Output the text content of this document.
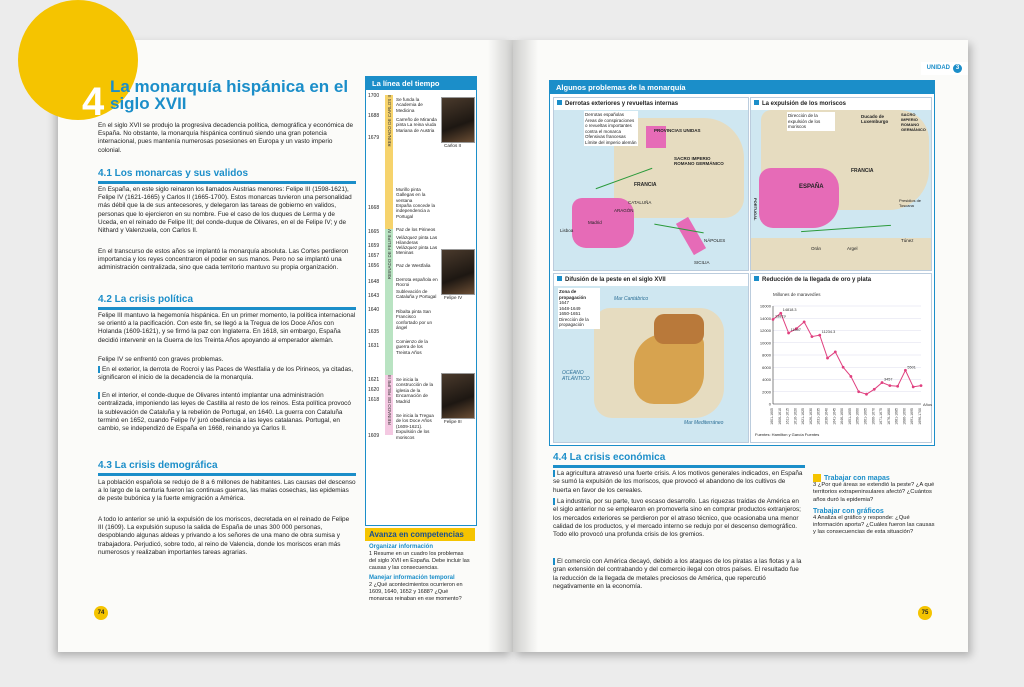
4 La monarquía hispánica en el siglo XVII
En el siglo XVII se produjo la progresiva decadencia política, demográfica y económica de España. No obstante, la monarquía hispánica continuó siendo una gran potencia internacional, pues mantenía numerosas posesiones en Europa y un vasto imperio colonial.
4.1 Los monarcas y sus validos
En España, en este siglo reinaron los llamados Austrias menores: Felipe III (1598-1621), Felipe IV (1621-1665) y Carlos II (1665-1700). Estos monarcas tuvieron una personalidad más débil que la de sus antecesores, y delegaron las tareas de gobierno en validos, personas que lo ejercieron en su nombre. Fue el caso de los duques de Lerma y de Uceda, en el reinado de Felipe III; del conde-duque de Olivares, en el de Felipe IV; y de Nithard y Valenzuela, con Carlos II.
En el transcurso de estos años se implantó la monarquía absoluta. Las Cortes perdieron importancia y los reyes concentraron el poder en sus manos. Pero no se implantó una administración centralizada, sino que cada territorio mantuvo su propia organización.
4.2 La crisis política
Felipe III mantuvo la hegemonía hispánica. En un primer momento, la política internacional se orientó a la pacificación. Con este fin, se llegó a la Tregua de los Doce Años con Holanda (1609-1621), y se firmó la paz con Inglaterra. En 1618, sin embargo, España decidió intervenir en la Guerra de los Treinta Años apoyando al emperador alemán.
Felipe IV se enfrentó con graves problemas.
En el exterior, la derrota de Rocroi y las Paces de Westfalia y de los Pirineos, ya citadas, significaron el inicio de la decadencia de la monarquía.
En el interior, el conde-duque de Olivares intentó implantar una administración centralizada, imponiendo las leyes de Castilla al resto de los reinos. Esta política provocó la sublevación de Cataluña y la rebelión de Portugal, en 1640. La guerra con Cataluña terminó en 1652, cuando Felipe IV juró obediencia a las leyes catalanas. Portugal, en cambio, se independizó de España en 1668, reinando ya Carlos II.
4.3 La crisis demográfica
La población española se redujo de 8 a 6 millones de habitantes. Las causas del descenso a lo largo de la centuria fueron las continuas guerras, las malas cosechas, las epidemias de peste bubónica y la fuerte emigración a América.
A todo lo anterior se unió la expulsión de los moriscos, decretada en el reinado de Felipe III (1609). La expulsión supuso la salida de España de unas 300 000 personas, despoblando algunas aldeas y privando a los señores de una mano de obra sumisa y trabajadora. Perjudicó, sobre todo, al reino de Valencia, donde los moriscos eran más numerosos y realizaban importantes tareas agrarias.
74
La línea del tiempo
1700
1688
1679
1668
1665
1659
1657
1656
1648
1643
1640
1635
1631
1621
1620
1618
1609
REINADO DE CARLOS II
REINADO DE FELIPE IV
REINADO DE FELIPE III
Se funda la Academia de Medicina
Carreño de Miranda pinta La reina viuda Mariana de Austria
Murillo pinta Gallegas en la ventana
España concede la independencia a Portugal
Paz de los Pirineos
Velázquez pinta Las Hilanderas
Velázquez pinta Las Meninas
Paz de Westfalia
Derrota española en Rocroi
Sublevación de Cataluña y Portugal
Ribalta pinta San Francisco confortado por un ángel
Comienzo de la guerra de los Treinta Años
Se inicia la construcción de la iglesia de la Encarnación de Madrid
Se inicia la Tregua de los Doce Años (1609-1621). Expulsión de los moriscos
Carlos II
Felipe IV
Felipe III
Avanza en competencias
Organizar información
1 Resume en un cuadro los problemas del siglo XVII en España. Debe incluir las causas y las consecuencias.
Manejar información temporal
2 ¿Qué acontecimientos ocurrieron en 1609, 1640, 1652 y 1688? ¿Qué monarcas reinaban en ese momento?
UNIDAD 3
Algunos problemas de la monarquía
Derrotas españolas
Áreas de conspiraciones o revueltas importantes contra el monarca
Ofensivas francesas
Límite del imperio alemán
PROVINCIAS UNIDAS
SACRO IMPERIO ROMANO GERMÁNICO
FRANCIA
NÁPOLES
SICILIA
Madrid
Lisboa
ARAGÓN
CATALUÑA
Derrotas exteriores y revueltas internas
Dirección de la expulsión de los moriscos
FRANCIA
ESPAÑA
PORTUGAL
Ducado de Luxemburgo
SACRO IMPERIO ROMANO GERMÁNICO
Presidios de Toscana
Orán	Argel
Túnez
La expulsión de los moriscos
Zona de propagación
1647
1648-1649
1650-1651
Dirección de la propagación
OCÉANO ATLÁNTICO
Mar Mediterráneo
Mar Cantábrico
Difusión de la peste en el siglo XVII	Reducción de la llegada de oro y plata
Millones de maravedíes
0
2000
4000
6000
8000
10000
12000
14000
16000
1601-1605 1606-1610 1611-1615 1616-1620 1621-1625 1626-1630 1631-1635 1636-1640 1641-1645 1646-1650 1651-1655 1656-1660 1661-1665 1666-1670 1671-1675 1676-1680 1681-1685 1686-1690 1691-1695 1696-1700
Años
13819
14818.3
11597
11234.3
5501
3457
Fuentes: Hamilton y García Fuentes
4.4 La crisis económica
La agricultura atravesó una fuerte crisis. A los motivos generales indicados, en España se sumó la expulsión de los moriscos, que provocó el abandono de los cultivos de huerta en favor de los cereales.
La industria, por su parte, tuvo escaso desarrollo. Las riquezas traídas de América en el siglo anterior no se emplearon en promoverla sino en comprar productos extranjeros; los mercados exteriores se perdieron por el atraso técnico, que ocasionaba una menor calidad de los productos, y el mercado interno se redujo por el descenso demográfico. Todo ello provocó una profunda crisis de los gremios.
El comercio con América decayó, debido a los ataques de los piratas a las flotas y a la gran extensión del contrabando y del comercio ilegal con otros países. El resultado fue la reducción de la llegada de metales preciosos de América, que repercutió negativamente en la economía.
Trabajar con mapas
3 ¿Por qué áreas se extendió la peste? ¿A qué territorios extrapeninsulares afectó? ¿Cuántos años duró la epidemia?
Trabajar con gráficos
4 Analiza el gráfico y responde: ¿Qué información aporta? ¿Cuáles fueron las causas y las consecuencias de esta situación?
75
